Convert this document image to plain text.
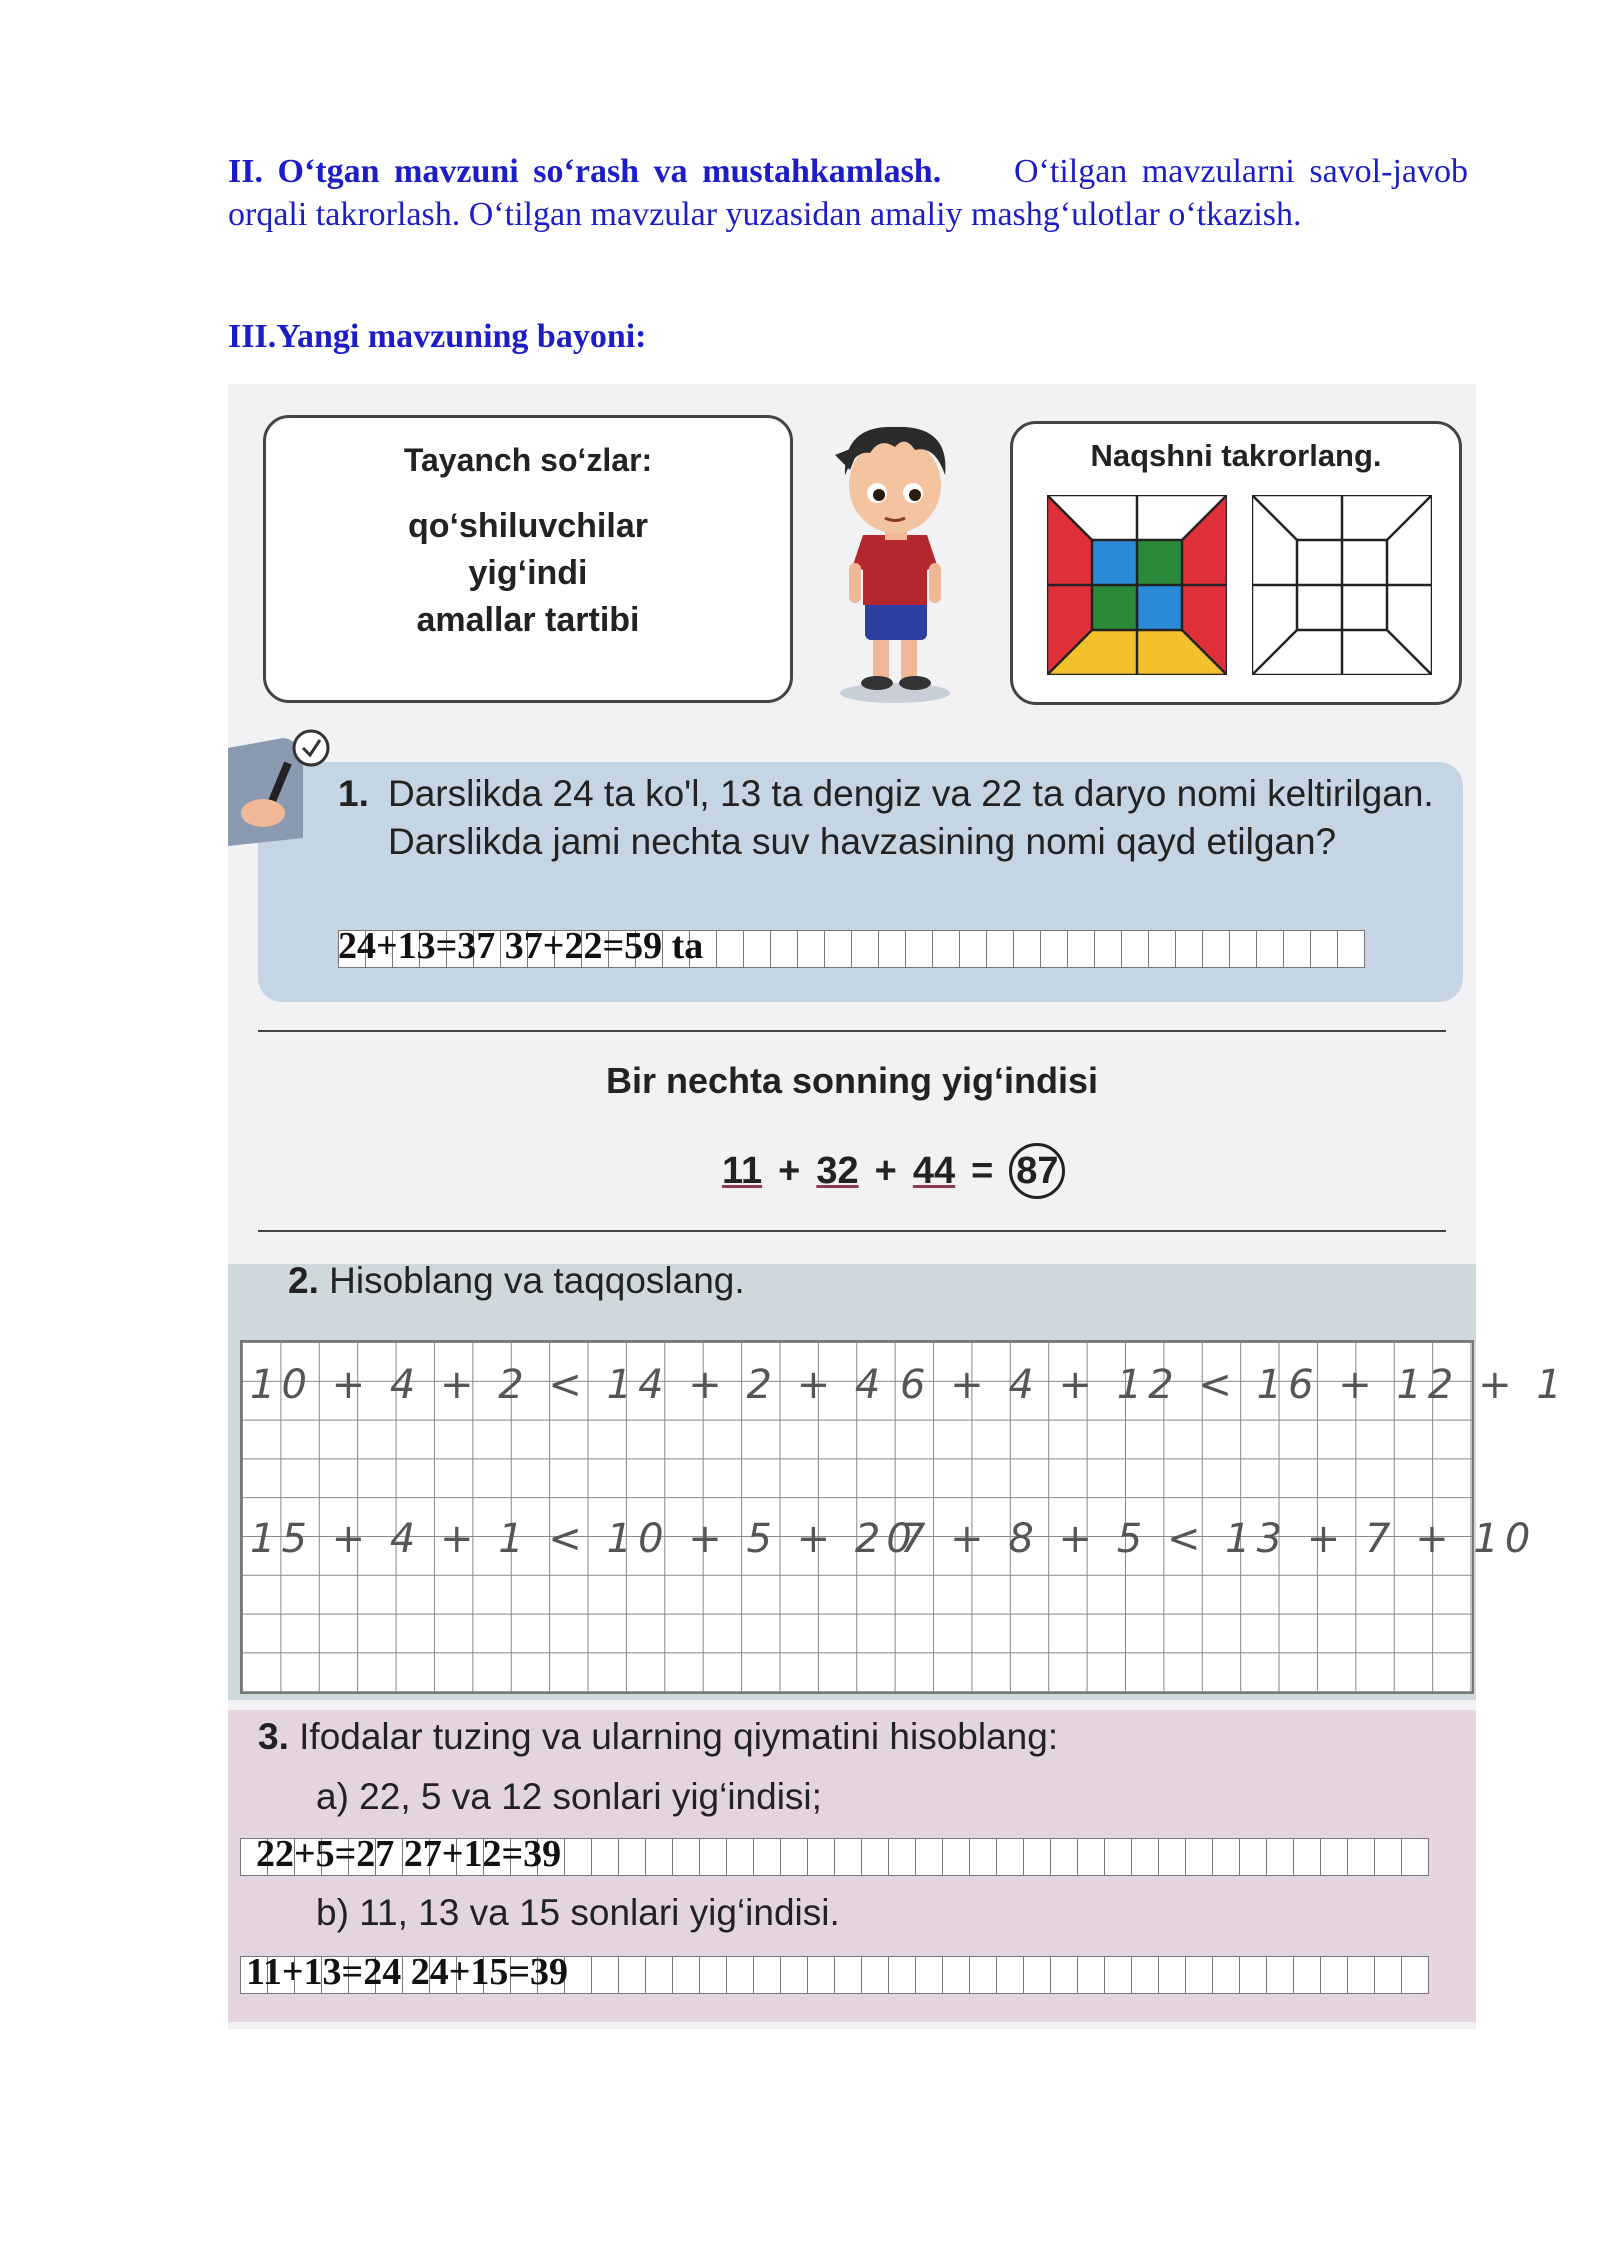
II. O‘tgan mavzuni so‘rash va mustahkamlash. O‘tilgan mavzularni savol-javob orqali takrorlash. O‘tilgan mavzular yuzasidan amaliy mashg‘ulotlar o‘tkazish.
III.Yangi mavzuning bayoni:
Tayanch so‘zlar:
qo‘shiluvchilar
yig‘indi
amallar tartibi
Naqshni takrorlang.
1. Darslikda 24 ta ko'l, 13 ta dengiz va 22 ta daryo nomi keltirilgan. Darslikda jami nechta suv havzasining nomi qayd etilgan?
24+13=37 37+22=59 ta
Bir nechta sonning yig‘indisi
11 + 32 + 44 = 87
2. Hisoblang va taqqoslang.
10 + 4 + 2 < 14 + 2 + 4 6 + 4 + 12 < 16 + 12 + 1
15 + 4 + 1 < 10 + 5 + 20
7 + 8 + 5 < 13 + 7 + 10
3. Ifodalar tuzing va ularning qiymatini hisoblang:
a) 22, 5 va 12 sonlari yig‘indisi;
22+5=27 27+12=39
b) 11, 13 va 15 sonlari yig‘indisi.
11+13=24 24+15=39
